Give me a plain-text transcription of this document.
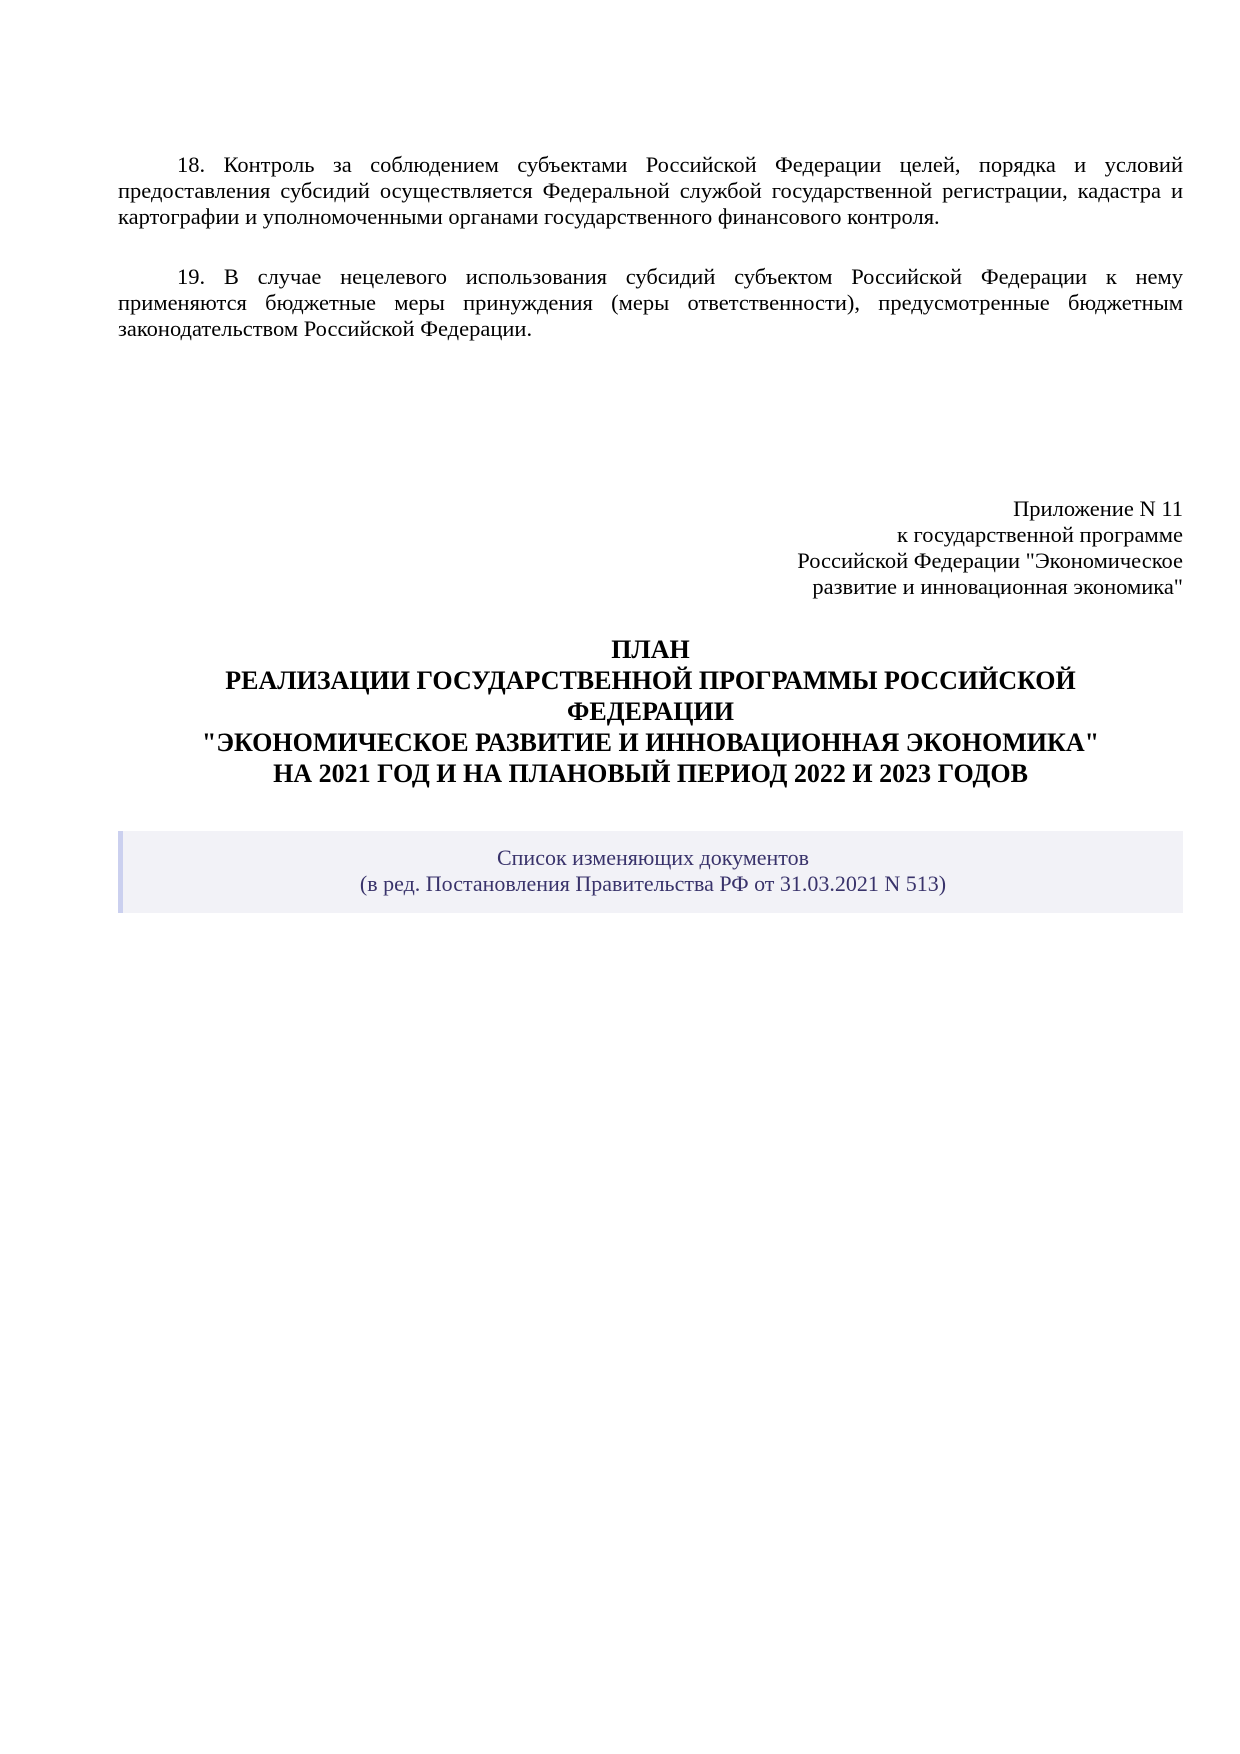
18. Контроль за соблюдением субъектами Российской Федерации целей, порядка и условий предоставления субсидий осуществляется Федеральной службой государственной регистрации, кадастра и картографии и уполномоченными органами государственного финансового контроля.

19. В случае нецелевого использования субсидий субъектом Российской Федерации к нему применяются бюджетные меры принуждения (меры ответственности), предусмотренные бюджетным законодательством Российской Федерации.

Приложение N 11
к государственной программе
Российской Федерации "Экономическое
развитие и инновационная экономика"
ПЛАН
РЕАЛИЗАЦИИ ГОСУДАРСТВЕННОЙ ПРОГРАММЫ РОССИЙСКОЙ
ФЕДЕРАЦИИ
"ЭКОНОМИЧЕСКОЕ РАЗВИТИЕ И ИННОВАЦИОННАЯ ЭКОНОМИКА"
НА 2021 ГОД И НА ПЛАНОВЫЙ ПЕРИОД 2022 И 2023 ГОДОВ
Список изменяющих документов
(в ред. Постановления Правительства РФ от 31.03.2021 N 513)
